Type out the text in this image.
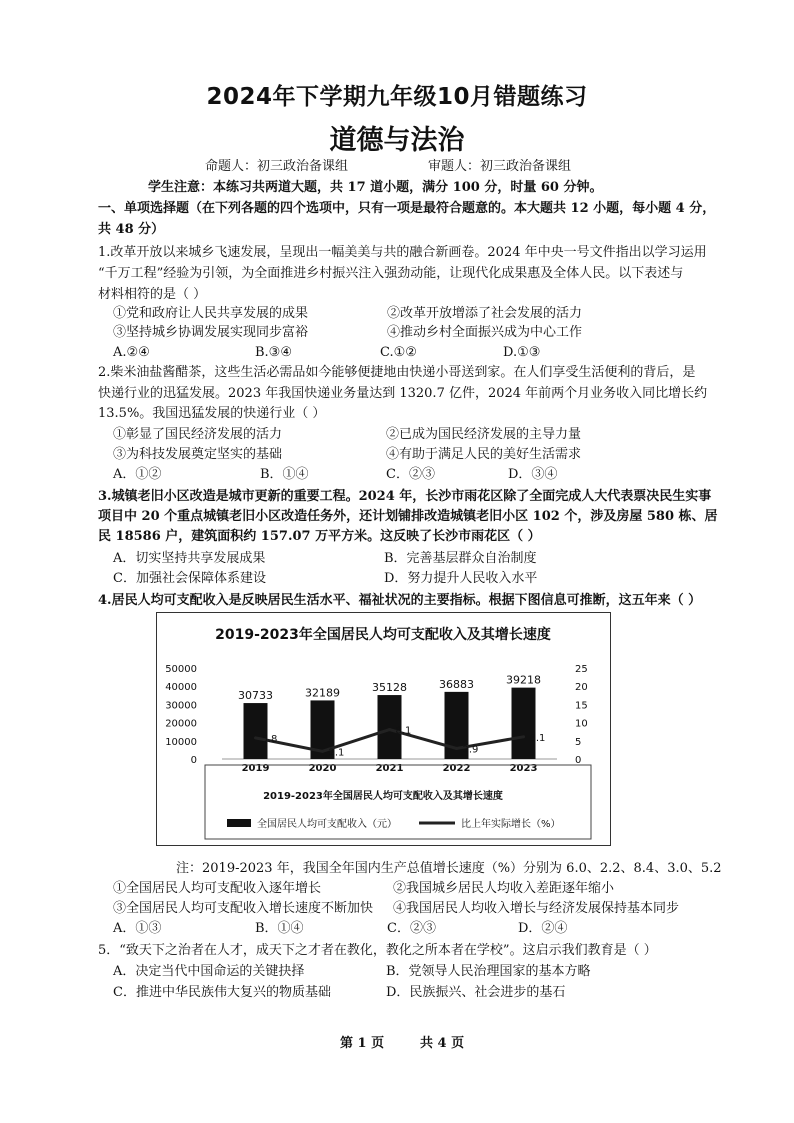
2024年下学期九年级10月错题练习
道德与法治
命题人：初三政治备课组	审题人：初三政治备课组
学生注意：本练习共两道大题，共 17 道小题，满分 100 分，时量 60 分钟。
一、单项选择题（在下列各题的四个选项中，只有一项是最符合题意的。本大题共 12 小题，每小题 4 分，
共 48 分）
1.改革开放以来城乡飞速发展，呈现出一幅美美与共的融合新画卷。2024 年中央一号文件指出以学习运用
“千万工程”经验为引领，为全面推进乡村振兴注入强劲动能，让现代化成果惠及全体人民。以下表述与
材料相符的是（ ）
①党和政府让人民共享发展的成果	②改革开放增添了社会发展的活力
③坚持城乡协调发展实现同步富裕	④推动乡村全面振兴成为中心工作
A.②④	B.③④	C.①②	D.①③
2.柴米油盐酱醋茶，这些生活必需品如今能够便捷地由快递小哥送到家。在人们享受生活便利的背后，是
快递行业的迅猛发展。2023 年我国快递业务量达到 1320.7 亿件，2024 年前两个月业务收入同比增长约
13.5%。我国迅猛发展的快递行业（ ）
①彰显了国民经济发展的活力	②已成为国民经济发展的主导力量
③为科技发展奠定坚实的基础	④有助于满足人民的美好生活需求
A．①②	B．①④	C．②③	D．③④
3.城镇老旧小区改造是城市更新的重要工程。2024 年，长沙市雨花区除了全面完成人大代表票决民生实事
项目中 20 个重点城镇老旧小区改造任务外，还计划铺排改造城镇老旧小区 102 个，涉及房屋 580 栋、居
民 18586 户，建筑面积约 157.07 万平方米。这反映了长沙市雨花区（ ）
A．切实坚持共享发展成果	B．完善基层群众自治制度
C．加强社会保障体系建设	D．努力提升人民收入水平
4.居民人均可支配收入是反映居民生活水平、福祉状况的主要指标。根据下图信息可推断，这五年来（ ）
2019-2023年全国居民人均可支配收入及其增长速度
0
10000
20000
30000
40000
50000
0
5
10
15
20
25
2019	2020	2021	2022	2023
30733	32189	35128	36883	39218
5.8
2.1
8.1
2.9
6.1
2019-2023年全国居民人均可支配收入及其增长速度
全国居民人均可支配收入（元）	比上年实际增长（%）
注：2019-2023 年，我国全年国内生产总值增长速度（%）分别为 6.0、2.2、8.4、3.0、5.2
①全国居民人均可支配收入逐年增长	②我国城乡居民人均收入差距逐年缩小
③全国居民人均可支配收入增长速度不断加快 ④我国居民人均收入增长与经济发展保持基本同步
A．①③	B．①④	C．②③	D．②④
5．“致天下之治者在人才，成天下之才者在教化，教化之所本者在学校”。这启示我们教育是（ ）
A．决定当代中国命运的关键抉择	B．党领导人民治理国家的基本方略
C．推进中华民族伟大复兴的物质基础	D．民族振兴、社会进步的基石
第 1 页	共 4 页
